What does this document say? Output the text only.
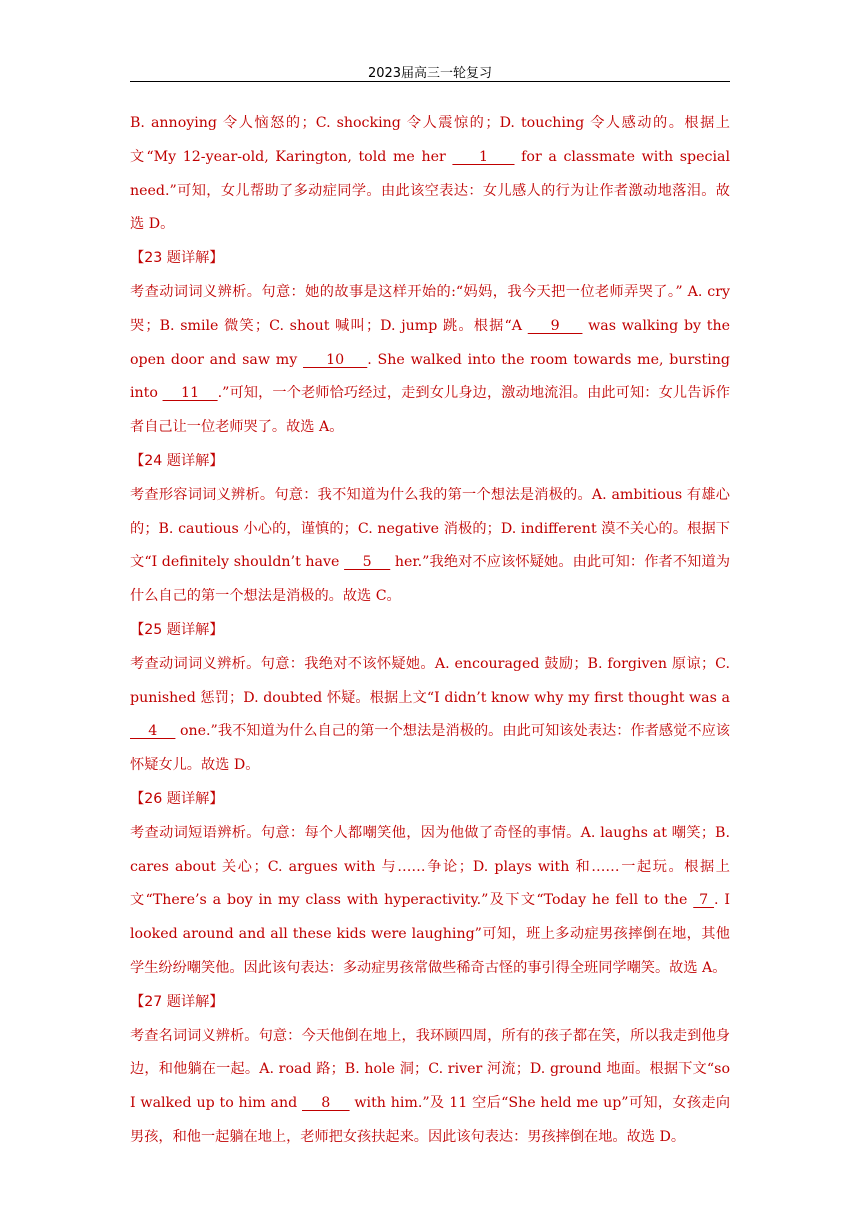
2023届高三一轮复习

B. annoying 令人恼怒的；C. shocking 令人震惊的；D. touching 令人感动的。根据上文“My 12-year-old, Karington, told me her     1     for a classmate with special need.”可知，女儿帮助了多动症同学。由此该空表达：女儿感人的行为让作者激动地落泪。故选 D。

【23 题详解】

考查动词词义辨析。句意：她的故事是这样开始的:“妈妈，我今天把一位老师弄哭了。” A. cry 哭；B. smile 微笑；C. shout 喊叫；D. jump 跳。根据“A     9     was walking by the open door and saw my     10    . She walked into the room towards me, bursting into     11    .”可知，一个老师恰巧经过，走到女儿身边，激动地流泪。由此可知：女儿告诉作者自己让一位老师哭了。故选 A。

【24 题详解】

考查形容词词义辨析。句意：我不知道为什么我的第一个想法是消极的。A. ambitious 有雄心的；B. cautious 小心的，谨慎的；C. negative 消极的；D. indifferent 漠不关心的。根据下文“I definitely shouldn’t have     5     her.”我绝对不应该怀疑她。由此可知：作者不知道为什么自己的第一个想法是消极的。故选 C。

【25 题详解】

考查动词词义辨析。句意：我绝对不该怀疑她。A. encouraged 鼓励；B. forgiven 原谅；C. punished 惩罚；D. doubted 怀疑。根据上文“I didn’t know why my first thought was a     4     one.”我不知道为什么自己的第一个想法是消极的。由此可知该处表达：作者感觉不应该怀疑女儿。故选 D。

【26 题详解】

考查动词短语辨析。句意：每个人都嘲笑他，因为他做了奇怪的事情。A. laughs at 嘲笑；B. cares about 关心；C. argues with 与……争论；D. plays with 和……一起玩。根据上文“There’s a boy in my class with hyperactivity.”及下文“Today he fell to the  7 . I looked around and all these kids were laughing”可知，班上多动症男孩摔倒在地，其他学生纷纷嘲笑他。因此该句表达：多动症男孩常做些稀奇古怪的事引得全班同学嘲笑。故选 A。

【27 题详解】

考查名词词义辨析。句意：今天他倒在地上，我环顾四周，所有的孩子都在笑，所以我走到他身边，和他躺在一起。A. road 路；B. hole 洞；C. river 河流；D. ground 地面。根据下文“so I walked up to him and     8     with him.”及 11 空后“She held me up”可知，女孩走向男孩，和他一起躺在地上，老师把女孩扶起来。因此该句表达：男孩摔倒在地。故选 D。
